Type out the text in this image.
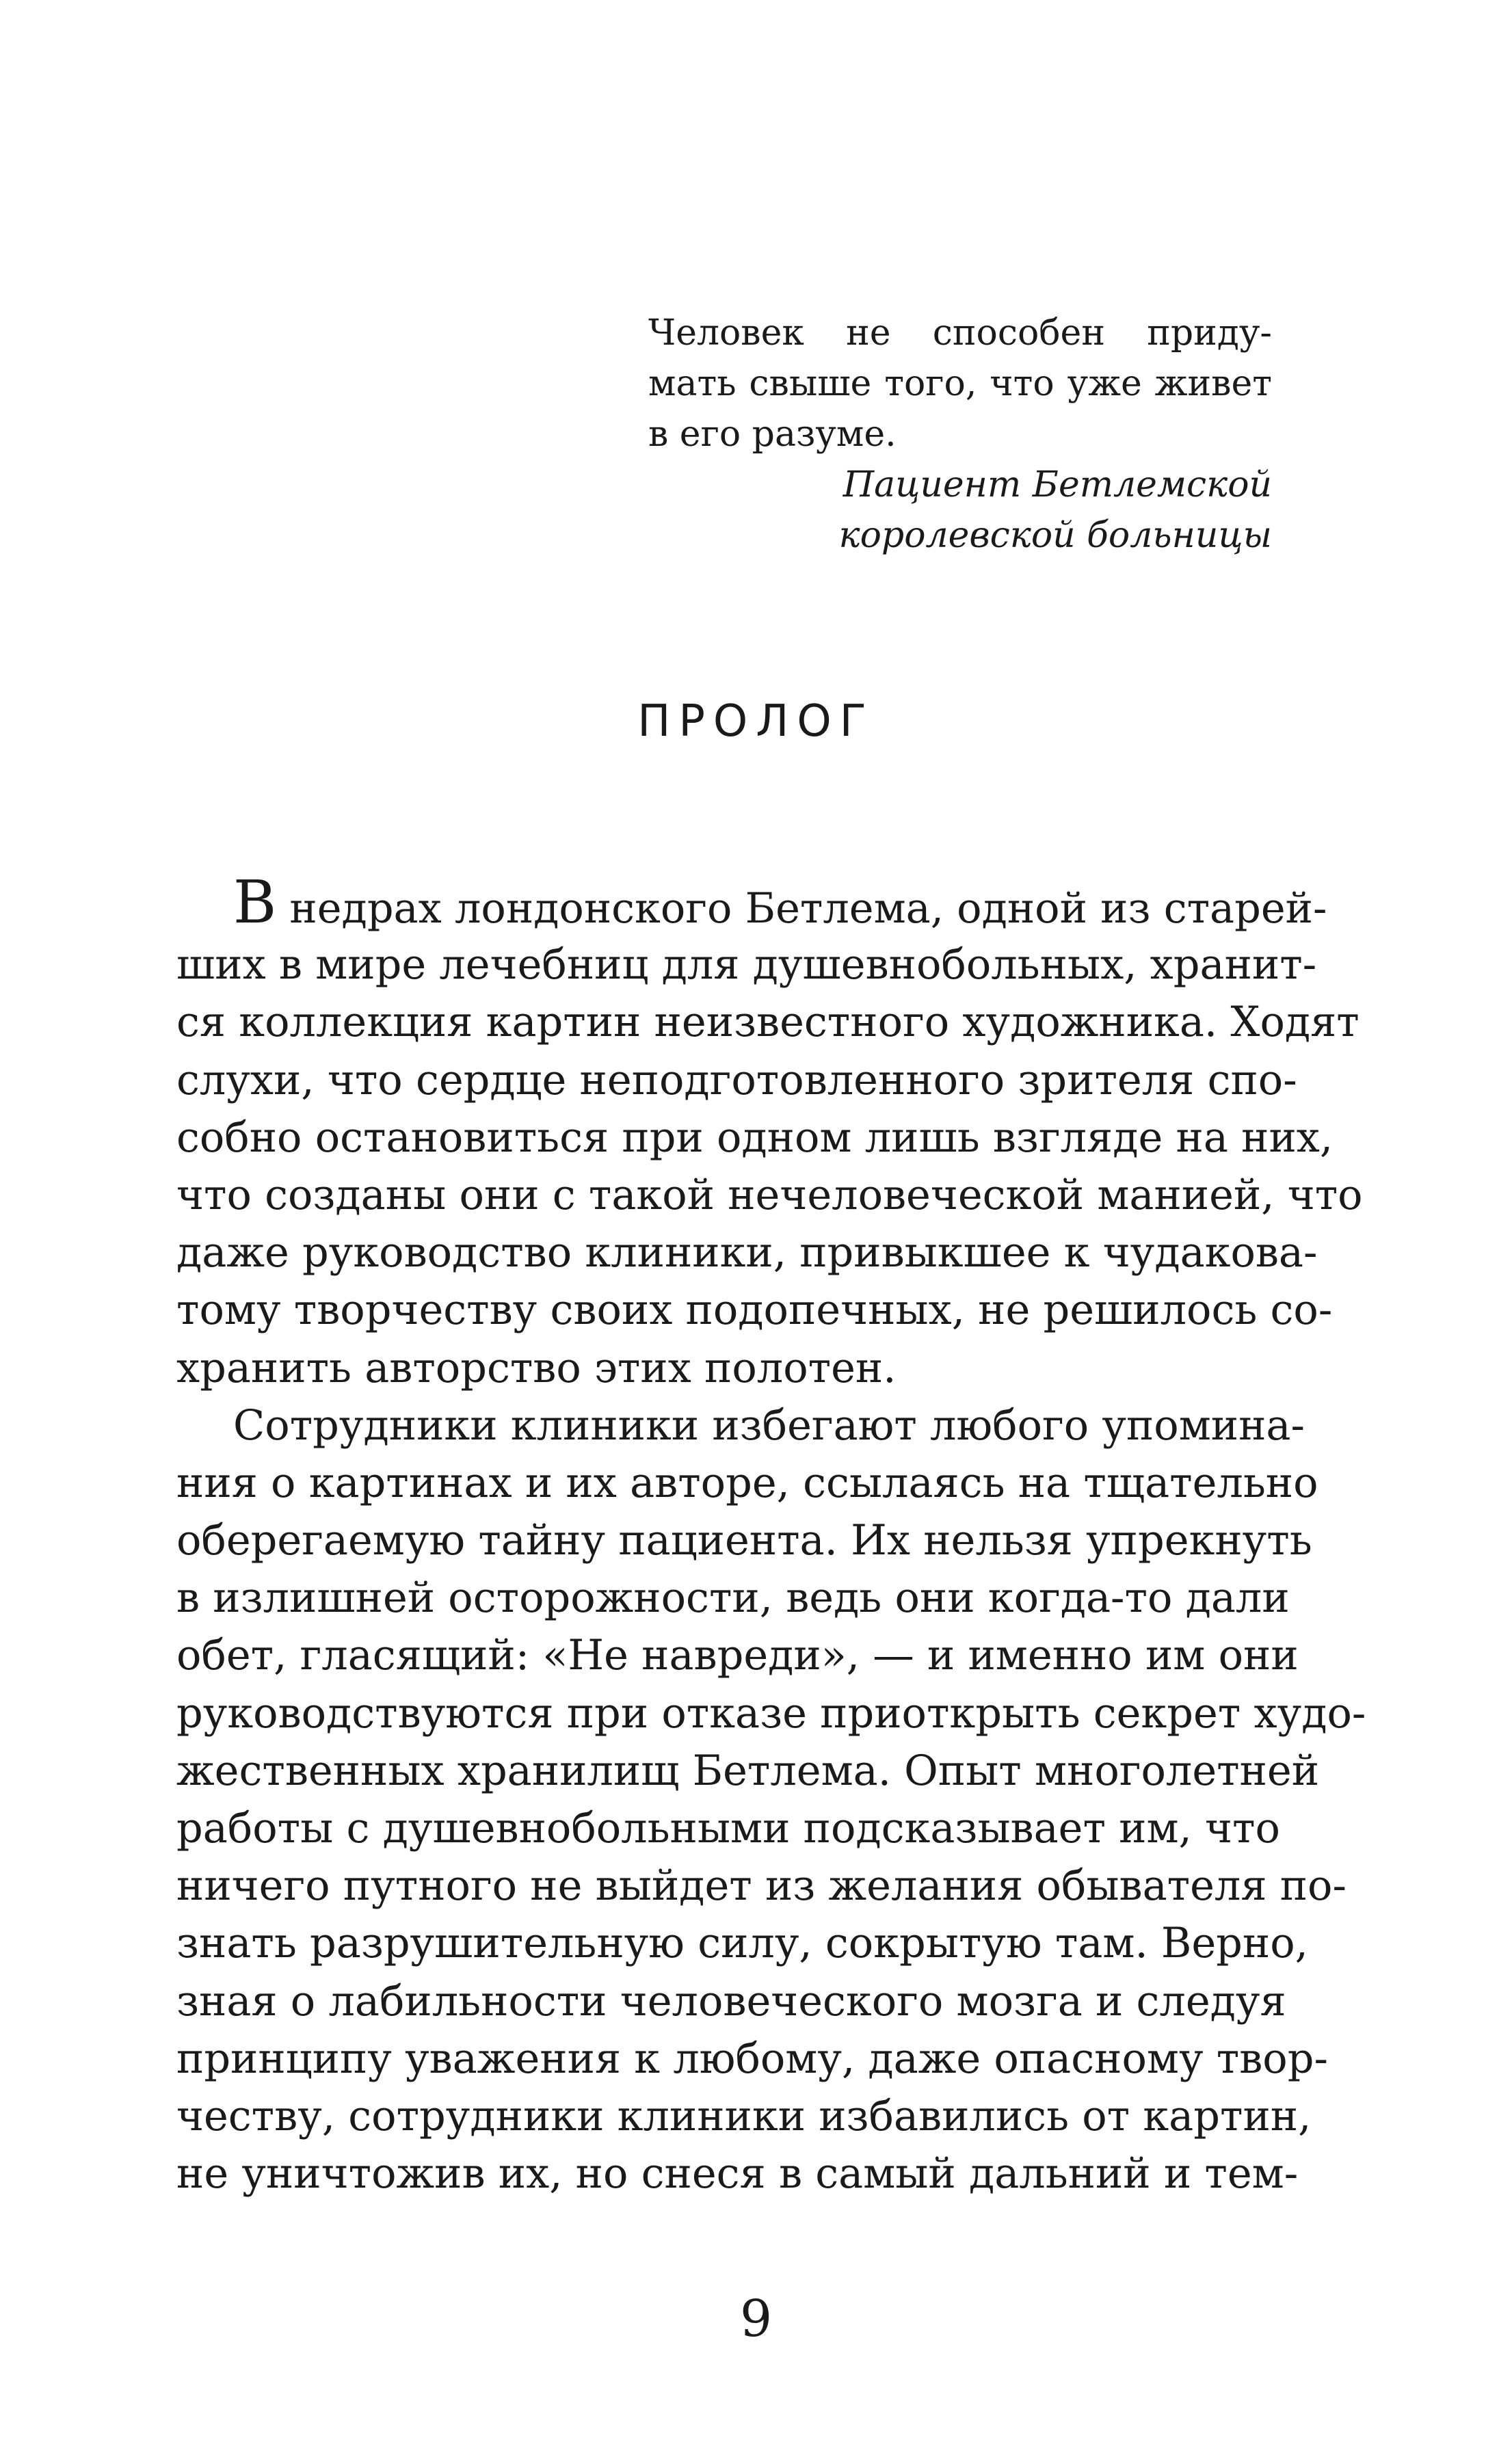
Человек не способен приду-

мать свыше того, что уже живет

в его разуме.

Пациент Бетлемской
королевской больницы
ПРОЛОГ
В недрах лондонского Бетлема, одной из старей-
ших в мире лечебниц для душевнобольных, хранит-
ся коллекция картин неизвестного художника. Ходят
слухи, что сердце неподготовленного зрителя спо-
собно остановиться при одном лишь взгляде на них,
что созданы они с такой нечеловеческой манией, что
даже руководство клиники, привыкшее к чудакова-
тому творчеству своих подопечных, не решилось со-
хранить авторство этих полотен.
Сотрудники клиники избегают любого упомина-
ния о картинах и их авторе, ссылаясь на тщательно
оберегаемую тайну пациента. Их нельзя упрекнуть
в излишней осторожности, ведь они когда-то дали
обет, гласящий: «Не навреди», — и именно им они
руководствуются при отказе приоткрыть секрет худо-
жественных хранилищ Бетлема. Опыт многолетней
работы с душевнобольными подсказывает им, что
ничего путного не выйдет из желания обывателя по-
знать разрушительную силу, сокрытую там. Верно,
зная о лабильности человеческого мозга и следуя
принципу уважения к любому, даже опасному твор-
честву, сотрудники клиники избавились от картин,
не уничтожив их, но снеся в самый дальний и тем-
9
